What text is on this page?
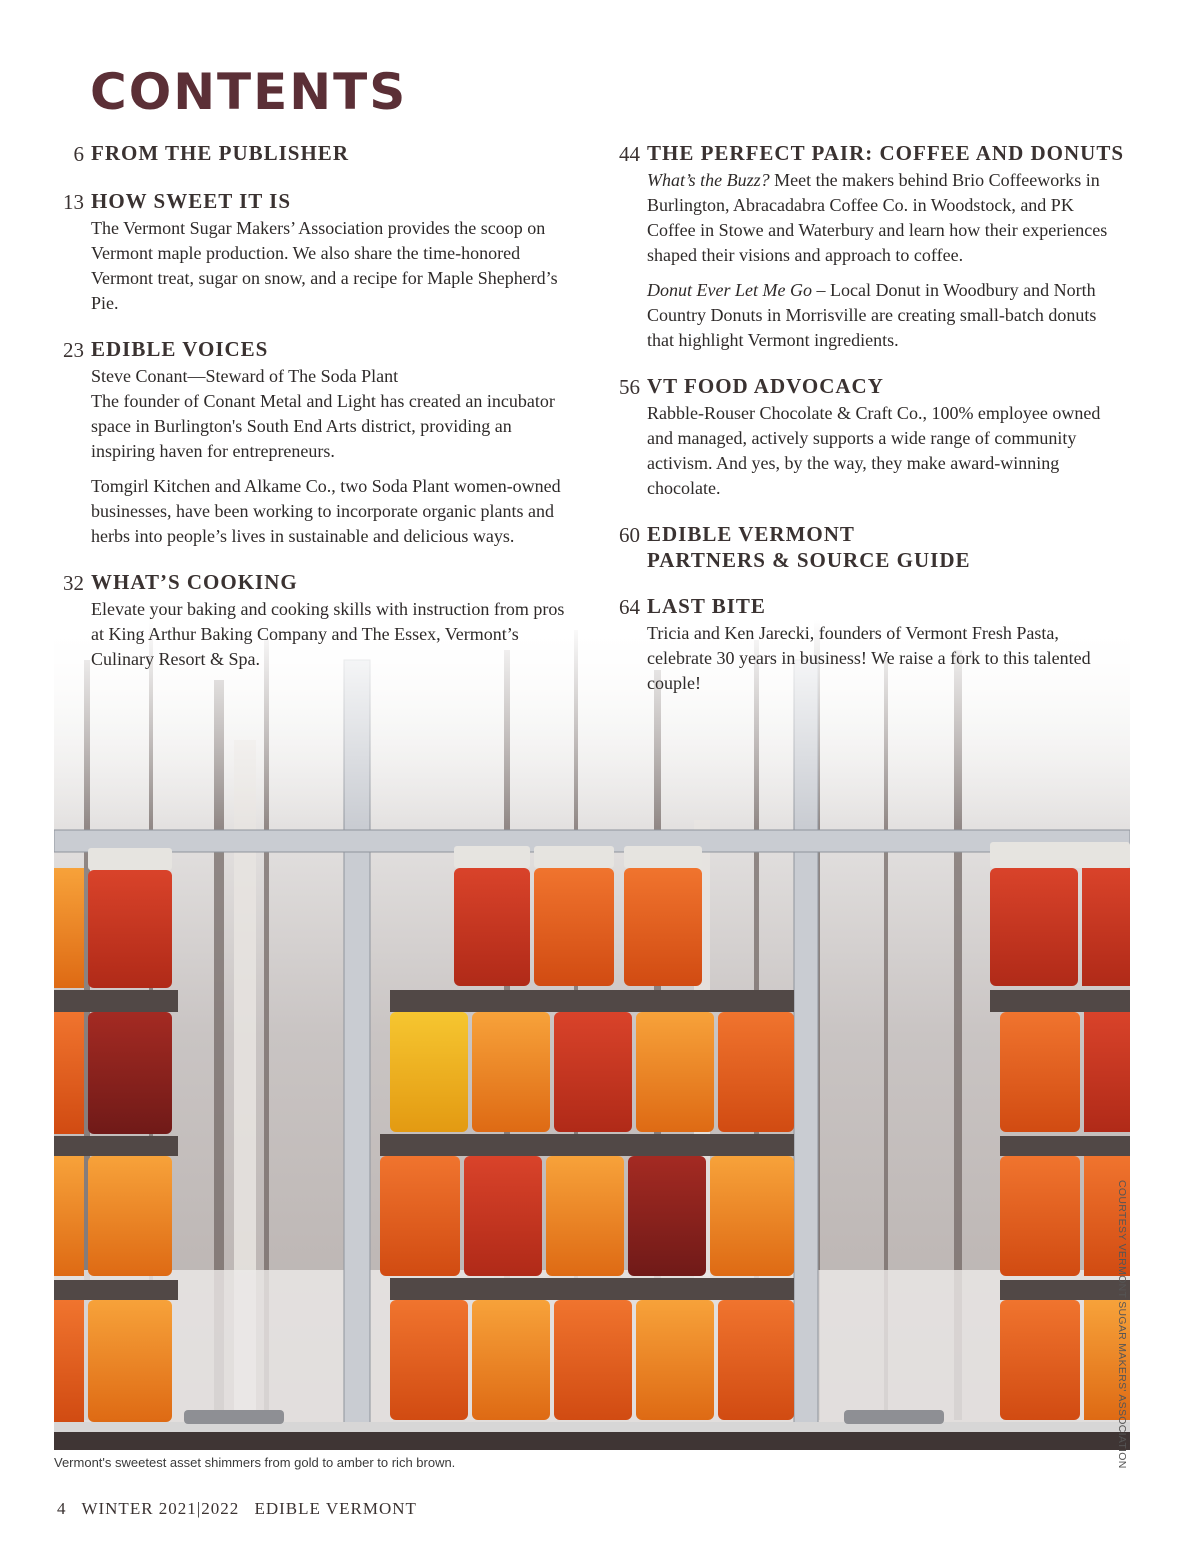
CONTENTS
6 FROM THE PUBLISHER
13 HOW SWEET IT IS

The Vermont Sugar Makers’ Association provides the scoop on Vermont maple production. We also share the time-honored Vermont treat, sugar on snow, and a recipe for Maple Shepherd’s Pie.

23 EDIBLE VOICES
Steve Conant—Steward of The Soda Plant

The founder of Conant Metal and Light has created an incubator space in Burlington's South End Arts district, providing an inspiring haven for entrepreneurs.

Tomgirl Kitchen and Alkame Co., two Soda Plant women-owned businesses, have been working to incorporate organic plants and herbs into people’s lives in sustainable and delicious ways.

32 WHAT’S COOKING

Elevate your baking and cooking skills with instruction from pros at King Arthur Baking Company and The Essex, Vermont’s Culinary Resort & Spa.

44 THE PERFECT PAIR: COFFEE AND DONUTS

What’s the Buzz? Meet the makers behind Brio Coffeeworks in Burlington, Abracadabra Coffee Co. in Woodstock, and PK Coffee in Stowe and Waterbury and learn how their experiences shaped their visions and approach to coffee.

Donut Ever Let Me Go – Local Donut in Woodbury and North Country Donuts in Morrisville are creating small-batch donuts that highlight Vermont ingredients.

56 VT FOOD ADVOCACY

Rabble-Rouser Chocolate & Craft Co., 100% employee owned and managed, actively supports a wide range of community activism. And yes, by the way, they make award-winning chocolate.

60 EDIBLE VERMONT PARTNERS & SOURCE GUIDE
64 LAST BITE

Tricia and Ken Jarecki, founders of Vermont Fresh Pasta, celebrate 30 years in business! We raise a fork to this talented couple!

COURTESY VERMONT SUGAR MAKERS' ASSOCIATION
Vermont's sweetest asset shimmers from gold to amber to rich brown.
4 WINTER 2021|2022 EDIBLE VERMONT
